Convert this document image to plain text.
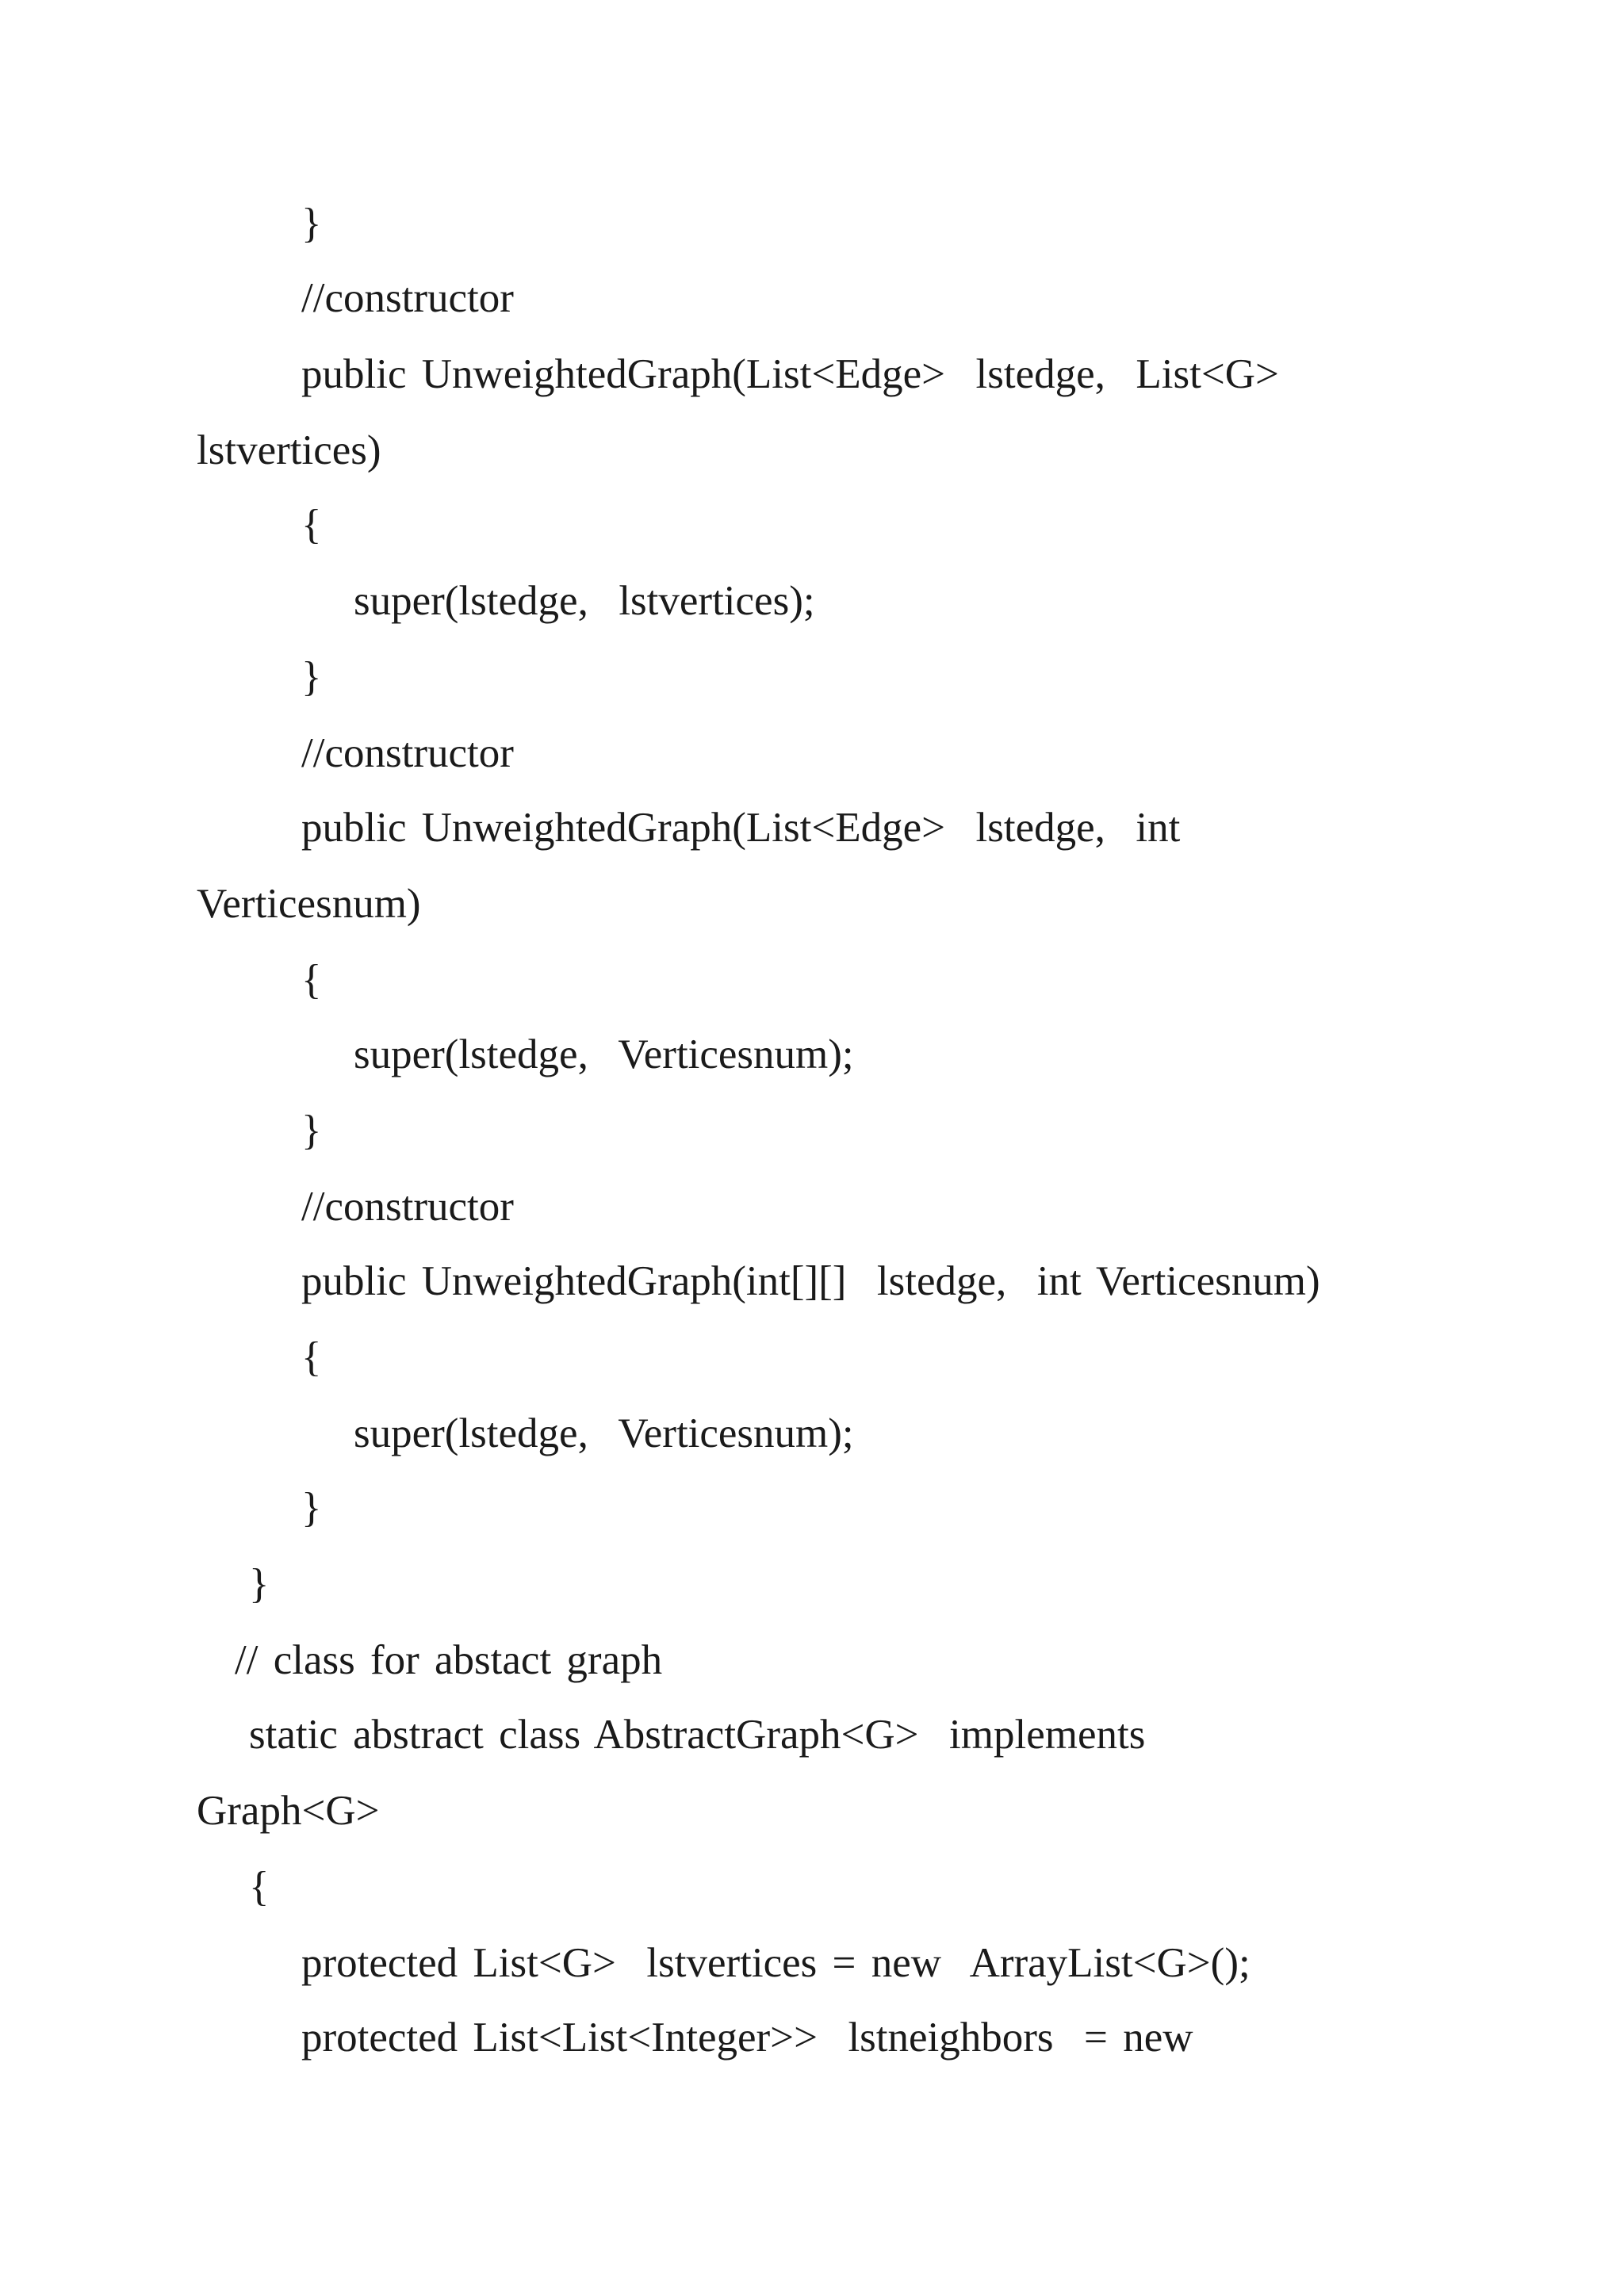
}
//constructor
public UnweightedGraph(List<Edge>  lstedge,  List<G>
lstvertices)
{
super(lstedge,  lstvertices);
}
//constructor
public UnweightedGraph(List<Edge>  lstedge,  int
Verticesnum)
{
super(lstedge,  Verticesnum);
}
//constructor
public UnweightedGraph(int[][]  lstedge,  int Verticesnum)
{
super(lstedge,  Verticesnum);
}
}
// class for abstact graph
static abstract class AbstractGraph<G>  implements
Graph<G>
{
protected List<G>  lstvertices = new  ArrayList<G>();
protected List<List<Integer>>  lstneighbors  = new
